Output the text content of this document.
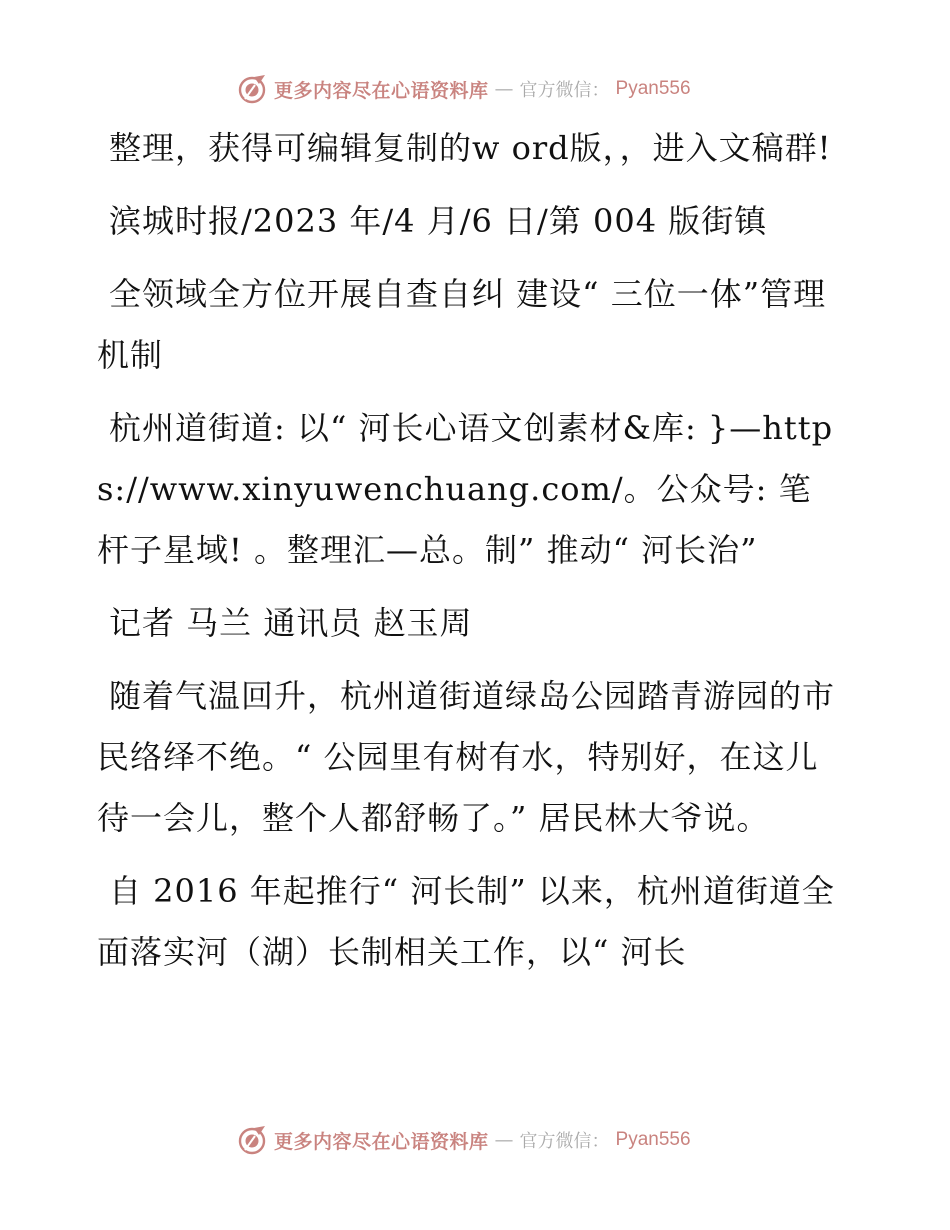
更多内容尽在心语资料库 — 官方微信： Pyan556

整理，获得可编辑复制的w ord版，，进入文稿群!

滨城时报/2023 年/4 月/6 日/第 004 版街镇

全领域全方位开展自查自纠 建设“ 三位一体”管理机制

杭州道街道: 以“ 河长心语文创素材&库: }—https://www.xinyuwenchuang.com/。公众号: 笔杆子星域! 。整理汇—总。制” 推动“ 河长治”

记者 马兰 通讯员 赵玉周

随着气温回升，杭州道街道绿岛公园踏青游园的市民络绎不绝。“ 公园里有树有水，特别好，在这儿待一会儿，整个人都舒畅了。” 居民林大爷说。

自 2016 年起推行“ 河长制” 以来，杭州道街道全面落实河（湖）长制相关工作，以“ 河长

更多内容尽在心语资料库 — 官方微信： Pyan556
